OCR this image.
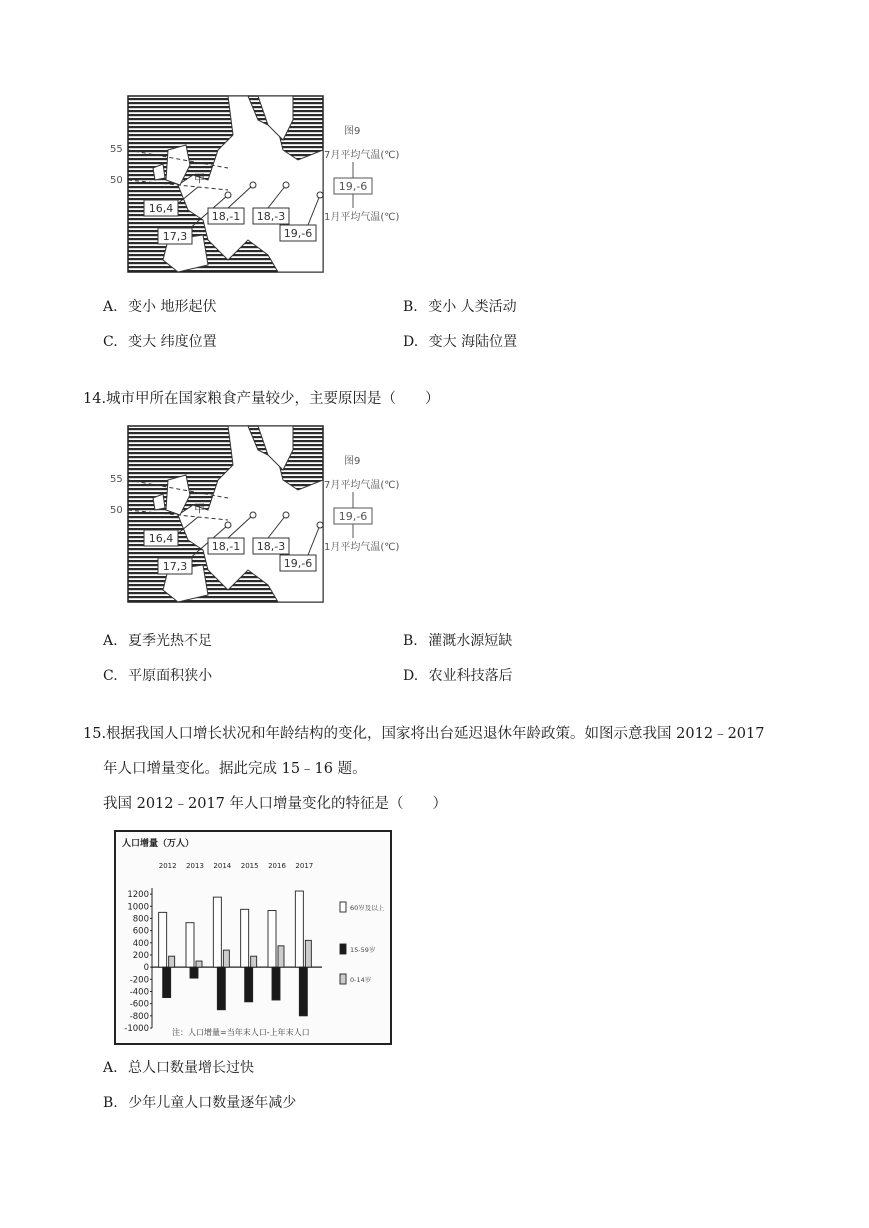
16,4
17,3
18,-1 18,-3
19,-6
甲
55
50
图9
7月平均气温(℃)
19,-6
1月平均气温(℃)
A. 变小 地形起伏	B. 变小 人类活动
C. 变大 纬度位置	D. 变大 海陆位置
14.城市甲所在国家粮食产量较少，主要原因是（　　）
16,4
17,3
18,-1 18,-3
19,-6
甲
55
50
图9
7月平均气温(℃)
19,-6
1月平均气温(℃)
A. 夏季光热不足	B. 灌溉水源短缺
C. 平原面积狭小	D. 农业科技落后
15.根据我国人口增长状况和年龄结构的变化，国家将出台延迟退休年龄政策。如图示意我国 2012﹣2017
年人口增量变化。据此完成 15﹣16 题。
我国 2012﹣2017 年人口增量变化的特征是（　　）
人口增量（万人）
2012 2013 2014 2015 2016 2017
1200
1000
800
600
400
200
0
-200
-400
-600
-800
-1000
60岁及以上
15-59岁
0-14岁
注：人口增量=当年末人口-上年末人口
A. 总人口数量增长过快
B. 少年儿童人口数量逐年减少
